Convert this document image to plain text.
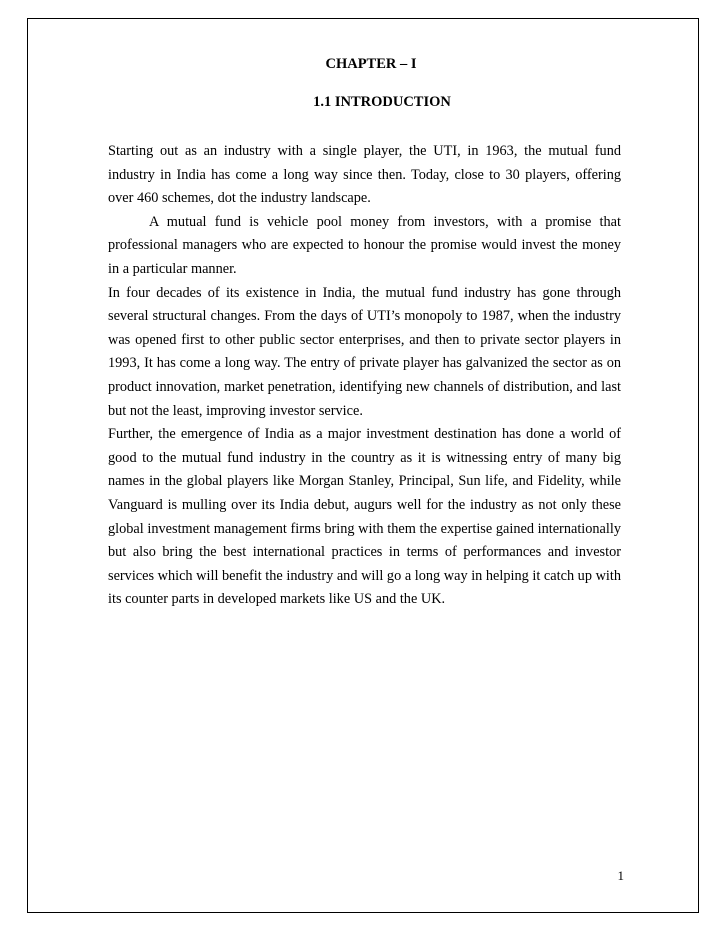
CHAPTER – I
1.1 INTRODUCTION

Starting out as an industry with a single player, the UTI, in 1963, the mutual fund industry in India has come a long way since then. Today, close to 30 players, offering over 460 schemes, dot the industry landscape.

A mutual fund is vehicle pool money from investors, with a promise that professional managers who are expected to honour the promise would invest the money in a particular manner.

In four decades of its existence in India, the mutual fund industry has gone through several structural changes. From the days of UTI’s monopoly to 1987, when the industry was opened first to other public sector enterprises, and then to private sector players in 1993, It has come a long way. The entry of private player has galvanized the sector as on product innovation, market penetration, identifying new channels of distribution, and last but not the least, improving investor service.

Further, the emergence of India as a major investment destination has done a world of good to the mutual fund industry in the country as it is witnessing entry of many big names in the global players like Morgan Stanley, Principal, Sun life, and Fidelity, while Vanguard is mulling over its India debut, augurs well for the industry as not only these global investment management firms bring with them the expertise gained internationally but also bring the best international practices in terms of performances and investor services which will benefit the industry and will go a long way in helping it catch up with its counter parts in developed markets like US and the UK.

1
